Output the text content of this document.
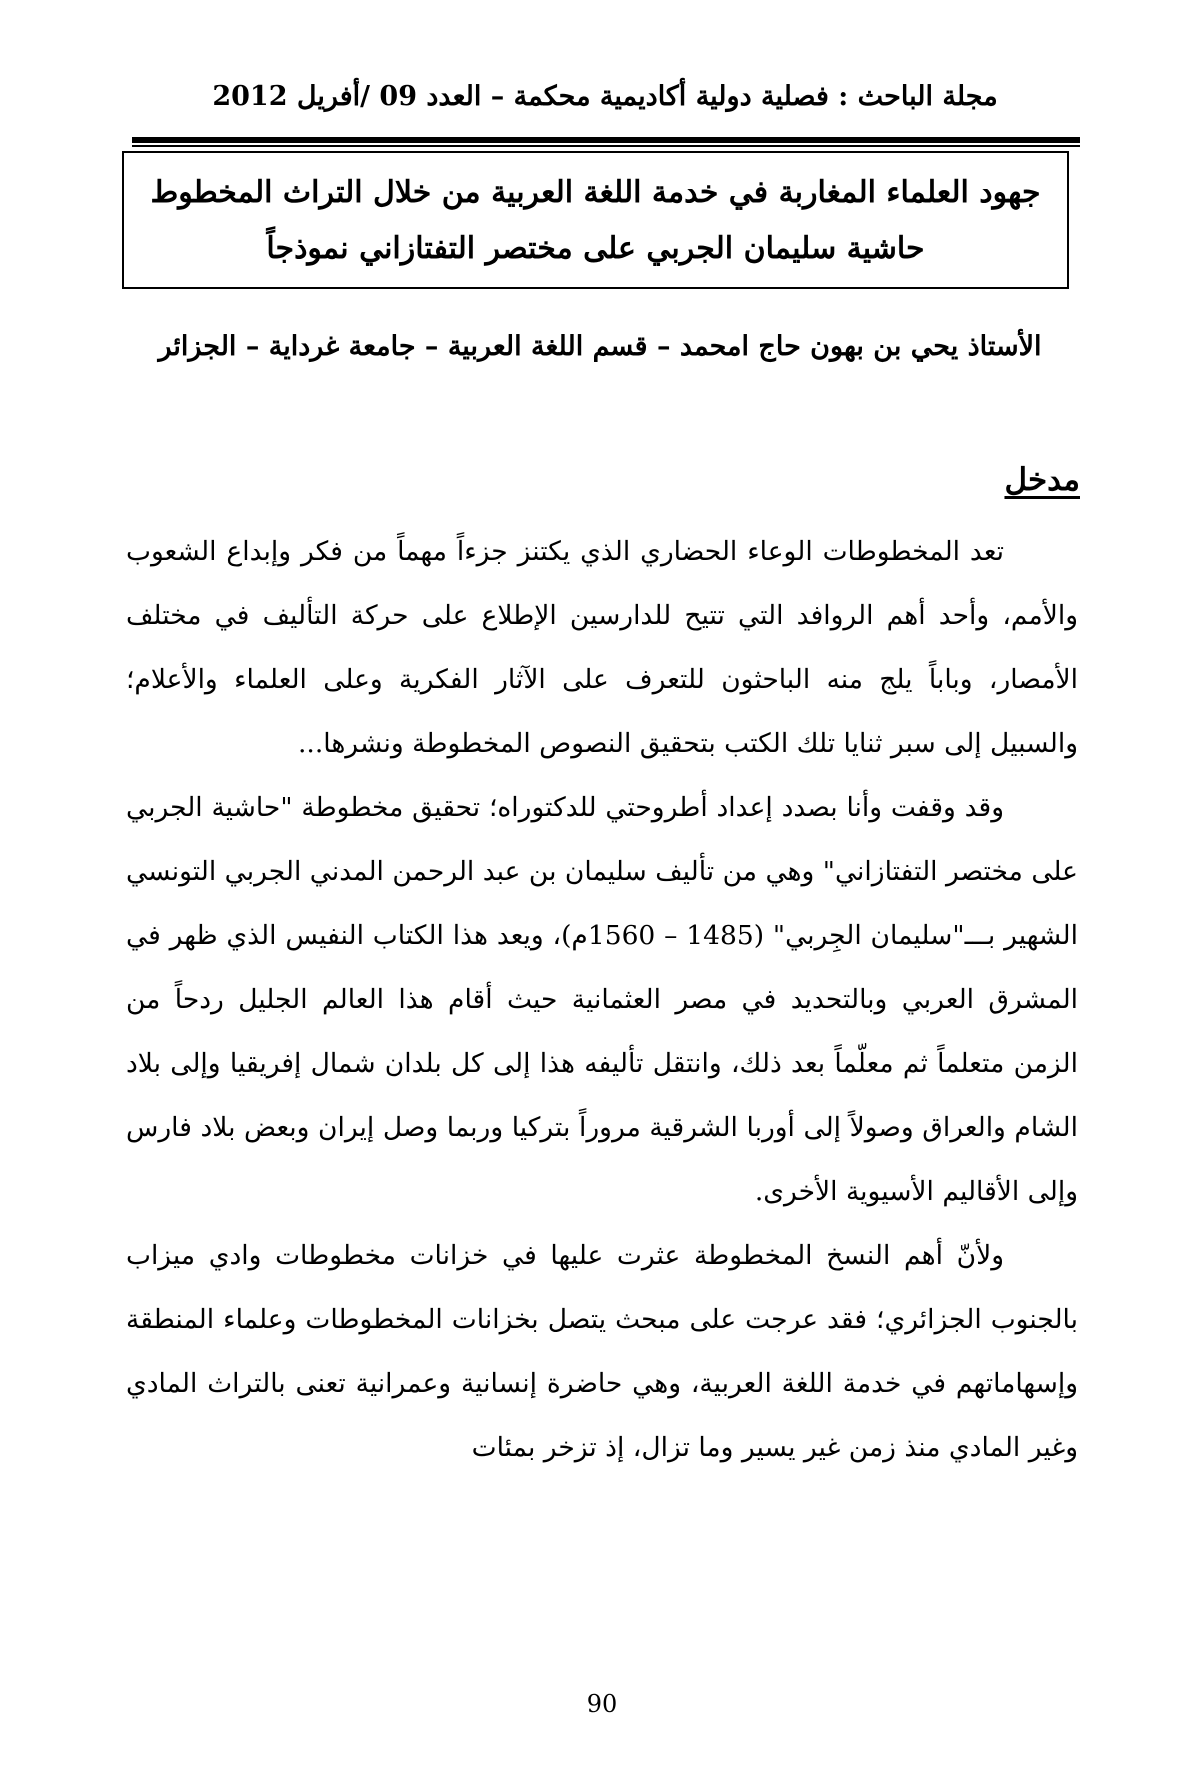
مجلة الباحث : فصلية دولية أكاديمية محكمة – العدد 09 /أفريل 2012
جهود العلماء المغاربة في خدمة اللغة العربية من خلال التراث المخطوط
حاشية سليمان الجربي على مختصر التفتازاني نموذجاً
الأستاذ يحي بن بهون حاج امحمد – قسم اللغة العربية – جامعة غرداية – الجزائر
مدخل

تعد المخطوطات الوعاء الحضاري الذي يكتنز جزءاً مهماً من فكر وإبداع الشعوب والأمم، وأحد أهم الروافد التي تتيح للدارسين الإطلاع على حركة التأليف في مختلف الأمصار، وباباً يلج منه الباحثون للتعرف على الآثار الفكرية وعلى العلماء والأعلام؛ والسبيل إلى سبر ثنايا تلك الكتب بتحقيق النصوص المخطوطة ونشرها...

وقد وقفت وأنا بصدد إعداد أطروحتي للدكتوراه؛ تحقيق مخطوطة "حاشية الجربي على مختصر التفتازاني" وهي من تأليف سليمان بن عبد الرحمن المدني الجربي التونسي الشهير بـــ"سليمان الجِربي" (1485 – 1560م)، ويعد هذا الكتاب النفيس الذي ظهر في المشرق العربي وبالتحديد في مصر العثمانية حيث أقام هذا العالم الجليل ردحاً من الزمن متعلماً ثم معلّماً بعد ذلك، وانتقل تأليفه هذا إلى كل بلدان شمال إفريقيا وإلى بلاد الشام والعراق وصولاً إلى أوربا الشرقية مروراً بتركيا وربما وصل إيران وبعض بلاد فارس وإلى الأقاليم الأسيوية الأخرى.

ولأنّ أهم النسخ المخطوطة عثرت عليها في خزانات مخطوطات وادي ميزاب بالجنوب الجزائري؛ فقد عرجت على مبحث يتصل بخزانات المخطوطات وعلماء المنطقة وإسهاماتهم في خدمة اللغة العربية، وهي حاضرة إنسانية وعمرانية تعنى بالتراث المادي وغير المادي منذ زمن غير يسير وما تزال، إذ تزخر بمئات

90
